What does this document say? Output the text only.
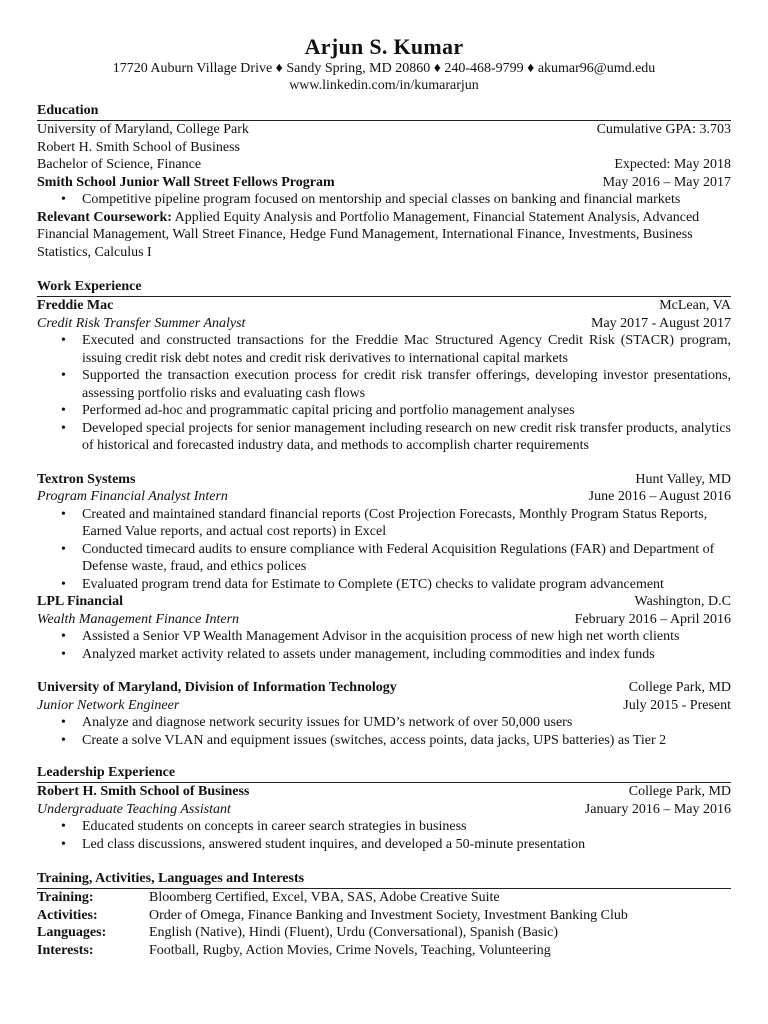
Arjun S. Kumar
17720 Auburn Village Drive ♦ Sandy Spring, MD 20860 ♦ 240-468-9799 ♦ akumar96@umd.edu
www.linkedin.com/in/kumararjun
Education
University of Maryland, College Park	Cumulative GPA: 3.703
Robert H. Smith School of Business
Bachelor of Science, Finance	Expected: May 2018
Smith School Junior Wall Street Fellows Program	May 2016 – May 2017
• Competitive pipeline program focused on mentorship and special classes on banking and financial markets
Relevant Coursework: Applied Equity Analysis and Portfolio Management, Financial Statement Analysis, Advanced Financial Management, Wall Street Finance, Hedge Fund Management, International Finance, Investments, Business Statistics, Calculus I
Work Experience
Freddie Mac	McLean, VA
Credit Risk Transfer Summer Analyst	May 2017 - August 2017
• Executed and constructed transactions for the Freddie Mac Structured Agency Credit Risk (STACR) program, issuing credit risk debt notes and credit risk derivatives to international capital markets
• Supported the transaction execution process for credit risk transfer offerings, developing investor presentations, assessing portfolio risks and evaluating cash flows
• Performed ad-hoc and programmatic capital pricing and portfolio management analyses
• Developed special projects for senior management including research on new credit risk transfer products, analytics of historical and forecasted industry data, and methods to accomplish charter requirements
Textron Systems	Hunt Valley, MD
Program Financial Analyst Intern	June 2016 – August 2016
• Created and maintained standard financial reports (Cost Projection Forecasts, Monthly Program Status Reports, Earned Value reports, and actual cost reports) in Excel
• Conducted timecard audits to ensure compliance with Federal Acquisition Regulations (FAR) and Department of Defense waste, fraud, and ethics polices
• Evaluated program trend data for Estimate to Complete (ETC) checks to validate program advancement
LPL Financial	Washington, D.C
Wealth Management Finance Intern	February 2016 – April 2016
• Assisted a Senior VP Wealth Management Advisor in the acquisition process of new high net worth clients
• Analyzed market activity related to assets under management, including commodities and index funds
University of Maryland, Division of Information Technology	College Park, MD
Junior Network Engineer	July 2015 - Present
• Analyze and diagnose network security issues for UMD’s network of over 50,000 users
• Create a solve VLAN and equipment issues (switches, access points, data jacks, UPS batteries) as Tier 2
Leadership Experience
Robert H. Smith School of Business	College Park, MD
Undergraduate Teaching Assistant	January 2016 – May 2016
• Educated students on concepts in career search strategies in business
• Led class discussions, answered student inquires, and developed a 50-minute presentation
Training, Activities, Languages and Interests
Training:	Bloomberg Certified, Excel, VBA, SAS, Adobe Creative Suite
Activities:	Order of Omega, Finance Banking and Investment Society, Investment Banking Club
Languages:	English (Native), Hindi (Fluent), Urdu (Conversational), Spanish (Basic)
Interests:	Football, Rugby, Action Movies, Crime Novels, Teaching, Volunteering
